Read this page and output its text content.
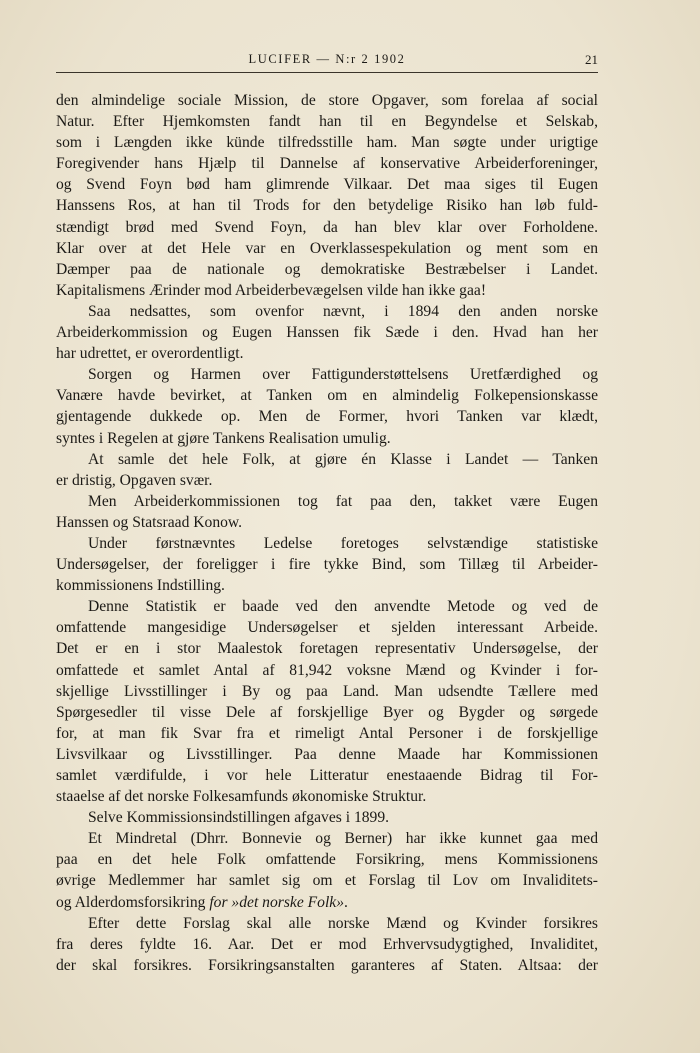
LUCIFER — N:r 2 1902	21
den almindelige sociale Mission, de store Opgaver, som forelaa af social
Natur. Efter Hjemkomsten fandt han til en Begyndelse et Selskab,
som i Længden ikke künde tilfredsstille ham. Man søgte under urigtige
Foregivender hans Hjælp til Dannelse af konservative Arbeiderforeninger,
og Svend Foyn bød ham glimrende Vilkaar. Det maa siges til Eugen
Hanssens Ros, at han til Trods for den betydelige Risiko han løb fuld-
stændigt brød med Svend Foyn, da han blev klar over Forholdene.
Klar over at det Hele var en Overklassespekulation og ment som en
Dæmper paa de nationale og demokratiske Bestræbelser i Landet.
Kapitalismens Ærinder mod Arbeiderbevægelsen vilde han ikke gaa!
Saa nedsattes, som ovenfor nævnt, i 1894 den anden norske
Arbeiderkommission og Eugen Hanssen fik Sæde i den. Hvad han her
har udrettet, er overordentligt.
Sorgen og Harmen over Fattigunderstøttelsens Uretfærdighed og
Vanære havde bevirket, at Tanken om en almindelig Folkepensionskasse
gjentagende dukkede op. Men de Former, hvori Tanken var klædt,
syntes i Regelen at gjøre Tankens Realisation umulig.
At samle det hele Folk, at gjøre én Klasse i Landet — Tanken
er dristig, Opgaven svær.
Men Arbeiderkommissionen tog fat paa den, takket være Eugen
Hanssen og Statsraad Konow.
Under førstnævntes Ledelse foretoges selvstændige statistiske
Undersøgelser, der foreligger i fire tykke Bind, som Tillæg til Arbeider-
kommissionens Indstilling.
Denne Statistik er baade ved den anvendte Metode og ved de
omfattende mangesidige Undersøgelser et sjelden interessant Arbeide.
Det er en i stor Maalestok foretagen representativ Undersøgelse, der
omfattede et samlet Antal af 81,942 voksne Mænd og Kvinder i for-
skjellige Livsstillinger i By og paa Land. Man udsendte Tællere med
Spørgesedler til visse Dele af forskjellige Byer og Bygder og sørgede
for, at man fik Svar fra et rimeligt Antal Personer i de forskjellige
Livsvilkaar og Livsstillinger. Paa denne Maade har Kommissionen
samlet værdifulde, i vor hele Litteratur enestaaende Bidrag til For-
staaelse af det norske Folkesamfunds økonomiske Struktur.
Selve Kommissionsindstillingen afgaves i 1899.
Et Mindretal (Dhrr. Bonnevie og Berner) har ikke kunnet gaa med
paa en det hele Folk omfattende Forsikring, mens Kommissionens
øvrige Medlemmer har samlet sig om et Forslag til Lov om Invaliditets-
og Alderdomsforsikring for »det norske Folk».
Efter dette Forslag skal alle norske Mænd og Kvinder forsikres
fra deres fyldte 16. Aar. Det er mod Erhvervsudygtighed, Invaliditet,
der skal forsikres. Forsikringsanstalten garanteres af Staten. Altsaa: der
